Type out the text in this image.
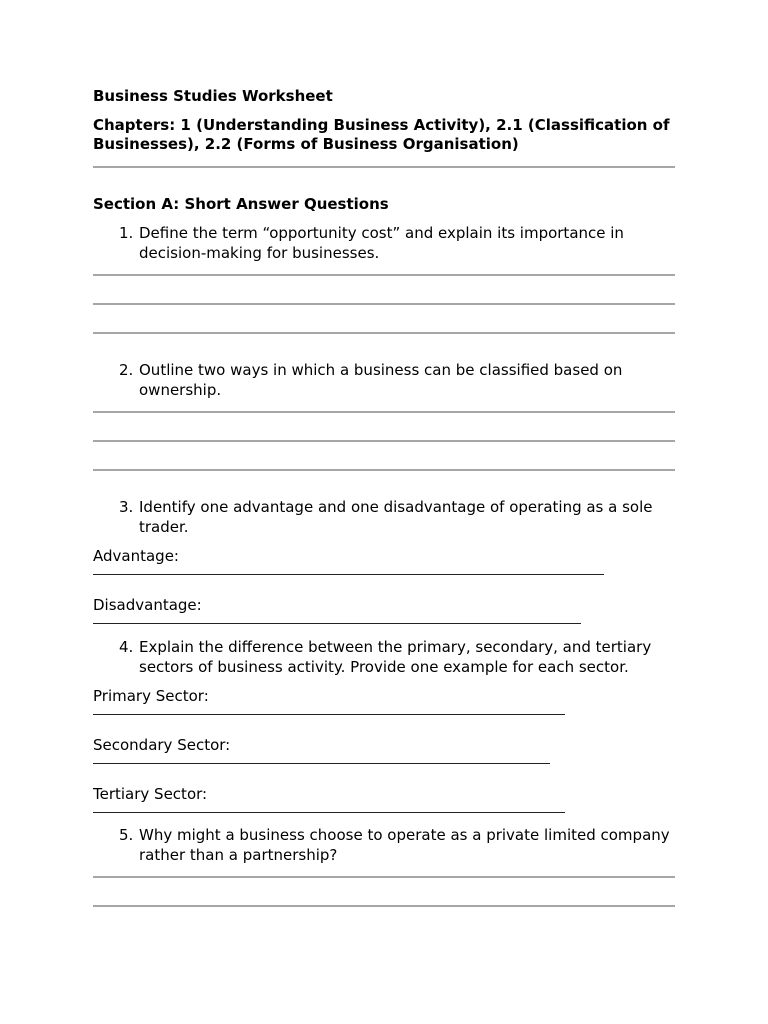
Business Studies Worksheet

Chapters: 1 (Understanding Business Activity), 2.1 (Classification of Businesses), 2.2 (Forms of Business Organisation)

Section A: Short Answer Questions

1. Define the term “opportunity cost” and explain its importance in decision-making for businesses.
2. Outline two ways in which a business can be classified based on ownership.
3. Identify one advantage and one disadvantage of operating as a sole trader.

Advantage:

Disadvantage:

4. Explain the difference between the primary, secondary, and tertiary sectors of business activity. Provide one example for each sector.

Primary Sector:

Secondary Sector:

Tertiary Sector:

5. Why might a business choose to operate as a private limited company rather than a partnership?
